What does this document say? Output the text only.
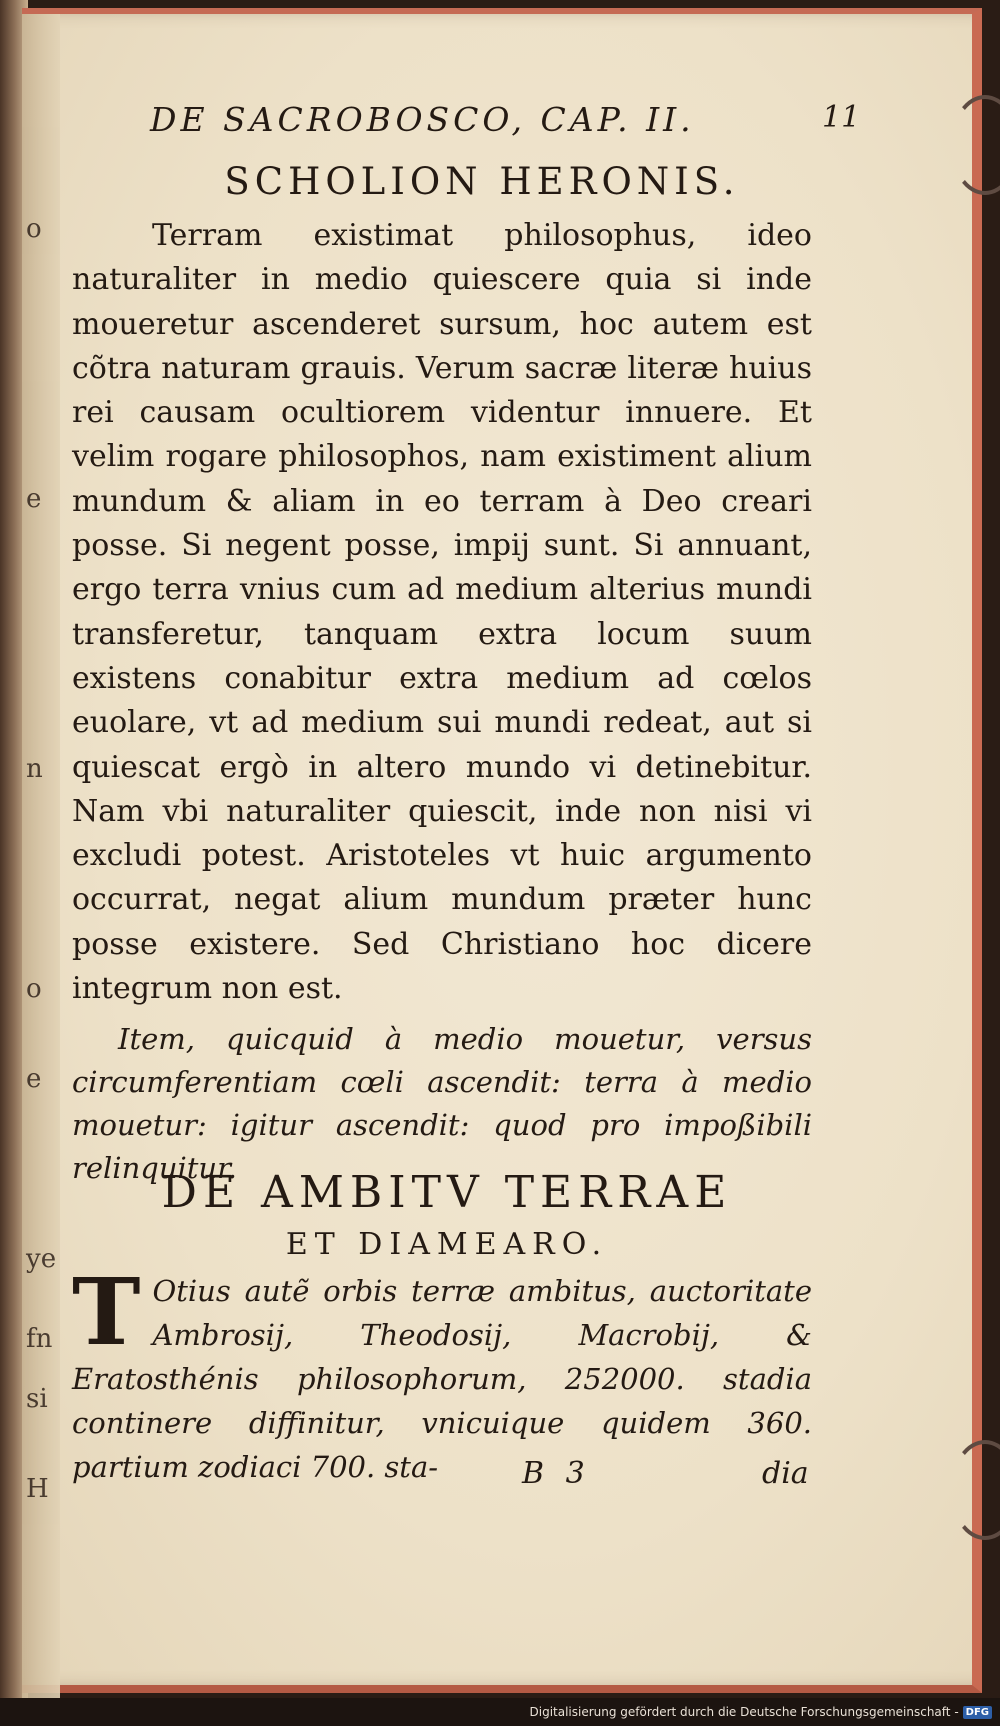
o
e
n
o
e
ye
fn
si
H
DE SACROBOSCO, CAP. II.	11
SCHOLION HERONIS.

Terram existimat philosophus, ideo naturaliter in medio quiescere quia si inde moueretur ascenderet sursum, hoc autem est cõtra naturam grauis. Verum sacræ literæ huius rei causam ocultiorem videntur innuere. Et velim rogare philosophos, nam existiment alium mundum & aliam in eo terram à Deo creari posse. Si negent posse, impij sunt. Si annuant, ergo terra vnius cum ad medium alterius mundi transferetur, tanquam extra locum suum existens conabitur extra medium ad cœlos euolare, vt ad medium sui mundi redeat, aut si quiescat ergò in altero mundo vi detinebitur. Nam vbi naturaliter quiescit, inde non nisi vi excludi potest. Aristoteles vt huic argumento occurrat, negat alium mundum præter hunc posse existere. Sed Christiano hoc dicere integrum non est.

Item, quicquid à medio mouetur, versus circumferentiam cœli ascendit: terra à medio mouetur: igitur ascendit: quod pro impoßibili relinquitur.

DE AMBITV TERRAE
ET DIAMEARO.
T Otius autẽ orbis terræ ambitus, auctoritate Ambrosij, Theodosij, Macrobij, & Eratosthénis philosophorum, 252000. stadia continere diffinitur, vnicuique quidem 360. partium zodiaci 700. sta-	B 3	dia
Digitalisierung gefördert durch die Deutsche Forschungsgemeinschaft - DFG
